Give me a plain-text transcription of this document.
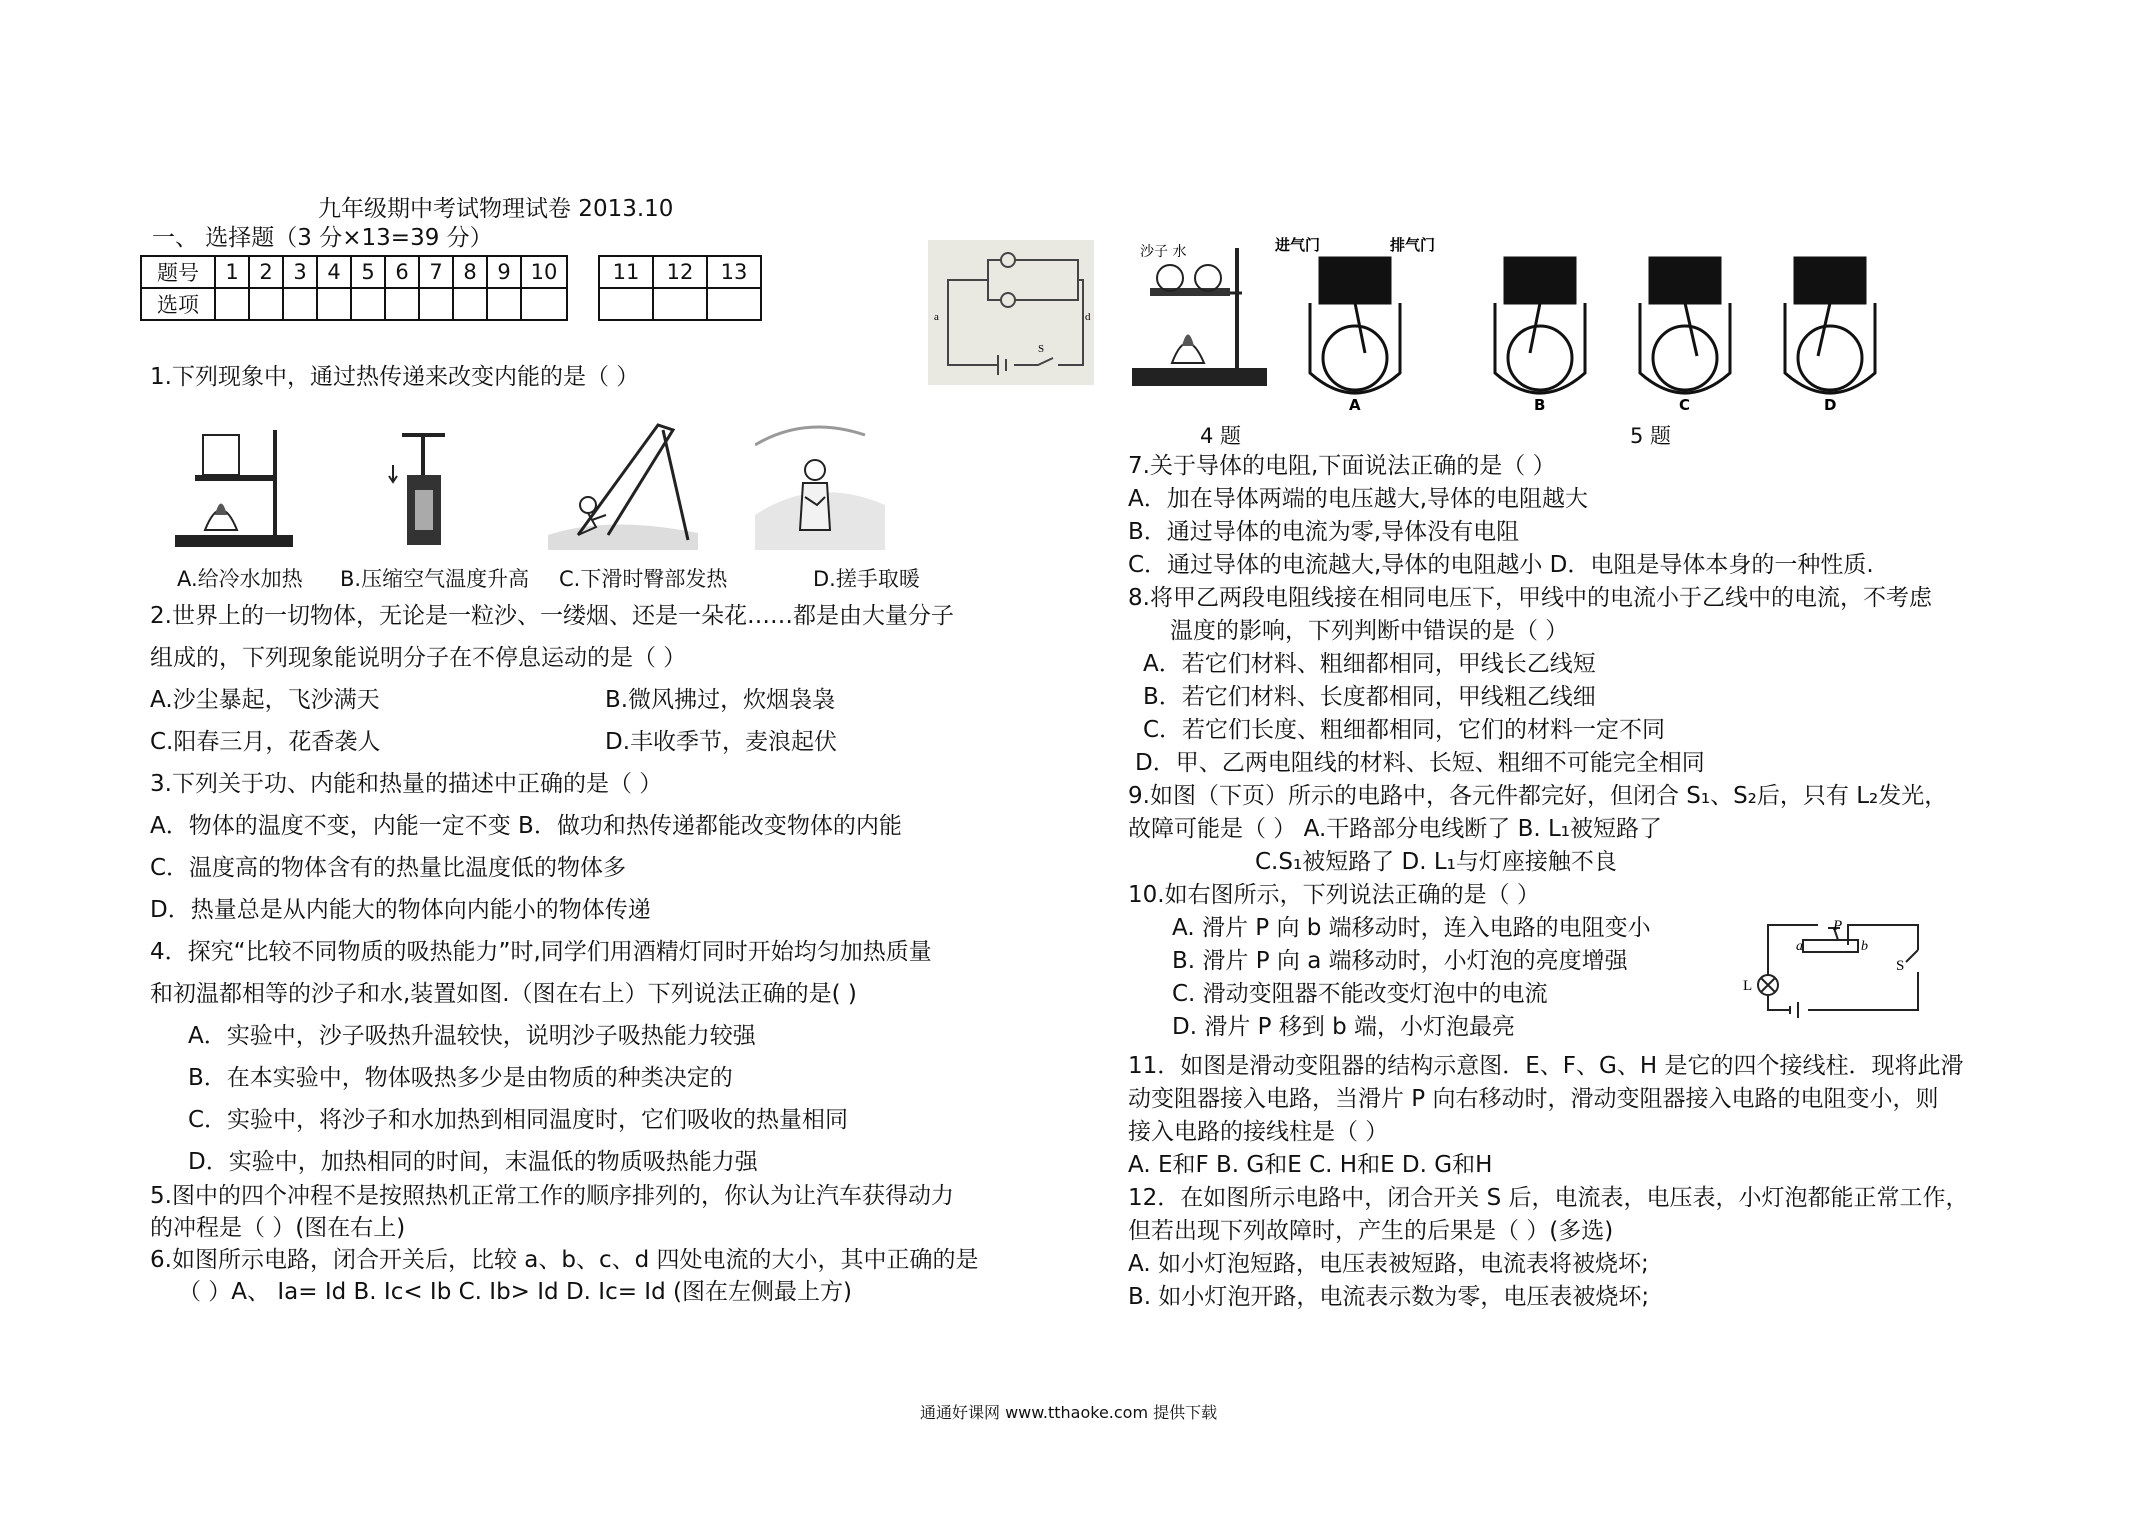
九年级期中考试物理试卷 2013.10
一、 选择题（3 分×13=39 分）
题号	1	2	3	4	5	6	7	8	9	10
选项										
11	12	13

a	d
S
沙子 水	进气门	排气门
A	B	C	D
4 题	5 题
1.下列现象中，通过热传递来改变内能的是（ ）
A.给冷水加热 B.压缩空气温度升高 C.下滑时臀部发热	D.搓手取暖
2.世界上的一切物体，无论是一粒沙、一缕烟、还是一朵花……都是由大量分子
组成的，下列现象能说明分子在不停息运动的是（ ）
A.沙尘暴起，飞沙满天	B.微风拂过，炊烟袅袅
C.阳春三月，花香袭人	D.丰收季节，麦浪起伏
3.下列关于功、内能和热量的描述中正确的是（ ）
A．物体的温度不变，内能一定不变 B．做功和热传递都能改变物体的内能
C．温度高的物体含有的热量比温度低的物体多
D．热量总是从内能大的物体向内能小的物体传递
4．探究“比较不同物质的吸热能力”时,同学们用酒精灯同时开始均匀加热质量
和初温都相等的沙子和水,装置如图.（图在右上）下列说法正确的是( )
A．实验中，沙子吸热升温较快，说明沙子吸热能力较强
B．在本实验中，物体吸热多少是由物质的种类决定的
C．实验中，将沙子和水加热到相同温度时，它们吸收的热量相同
D．实验中，加热相同的时间，末温低的物质吸热能力强
5.图中的四个冲程不是按照热机正常工作的顺序排列的，你认为让汽车获得动力
的冲程是（ ）(图在右上)
6.如图所示电路，闭合开关后，比较 a、b、c、d 四处电流的大小，其中正确的是
（ ）A、 Ia= Id B. Ic< Ib C. Ib> Id D. Ic= Id (图在左侧最上方)
7.关于导体的电阻,下面说法正确的是（ ）
A．加在导体两端的电压越大,导体的电阻越大
B．通过导体的电流为零,导体没有电阻
C．通过导体的电流越大,导体的电阻越小 D．电阻是导体本身的一种性质.
8.将甲乙两段电阻线接在相同电压下，甲线中的电流小于乙线中的电流，不考虑
温度的影响，下列判断中错误的是（ ）
A．若它们材料、粗细都相同，甲线长乙线短
B．若它们材料、长度都相同，甲线粗乙线细
C．若它们长度、粗细都相同，它们的材料一定不同
D．甲、乙两电阻线的材料、长短、粗细不可能完全相同
9.如图（下页）所示的电路中，各元件都完好，但闭合 S₁、S₂后，只有 L₂发光，
故障可能是（ ） A.干路部分电线断了 B. L₁被短路了
C.S₁被短路了 D. L₁与灯座接触不良
10.如右图所示，下列说法正确的是（ ）
A. 滑片 P 向 b 端移动时，连入电路的电阻变小
B. 滑片 P 向 a 端移动时，小灯泡的亮度增强
C. 滑动变阻器不能改变灯泡中的电流
D. 滑片 P 移到 b 端，小灯泡最亮
P
a	b
L
S
11．如图是滑动变阻器的结构示意图．E、F、G、H 是它的四个接线柱．现将此滑
动变阻器接入电路，当滑片 P 向右移动时，滑动变阻器接入电路的电阻变小，则
接入电路的接线柱是（ ）
A. E和F B. G和E C. H和E D. G和H
12．在如图所示电路中，闭合开关 S 后，电流表，电压表，小灯泡都能正常工作，
但若出现下列故障时，产生的后果是（ ）(多选)
A. 如小灯泡短路，电压表被短路，电流表将被烧坏;
B. 如小灯泡开路，电流表示数为零，电压表被烧坏;
通通好课网 www.tthaoke.com 提供下载
